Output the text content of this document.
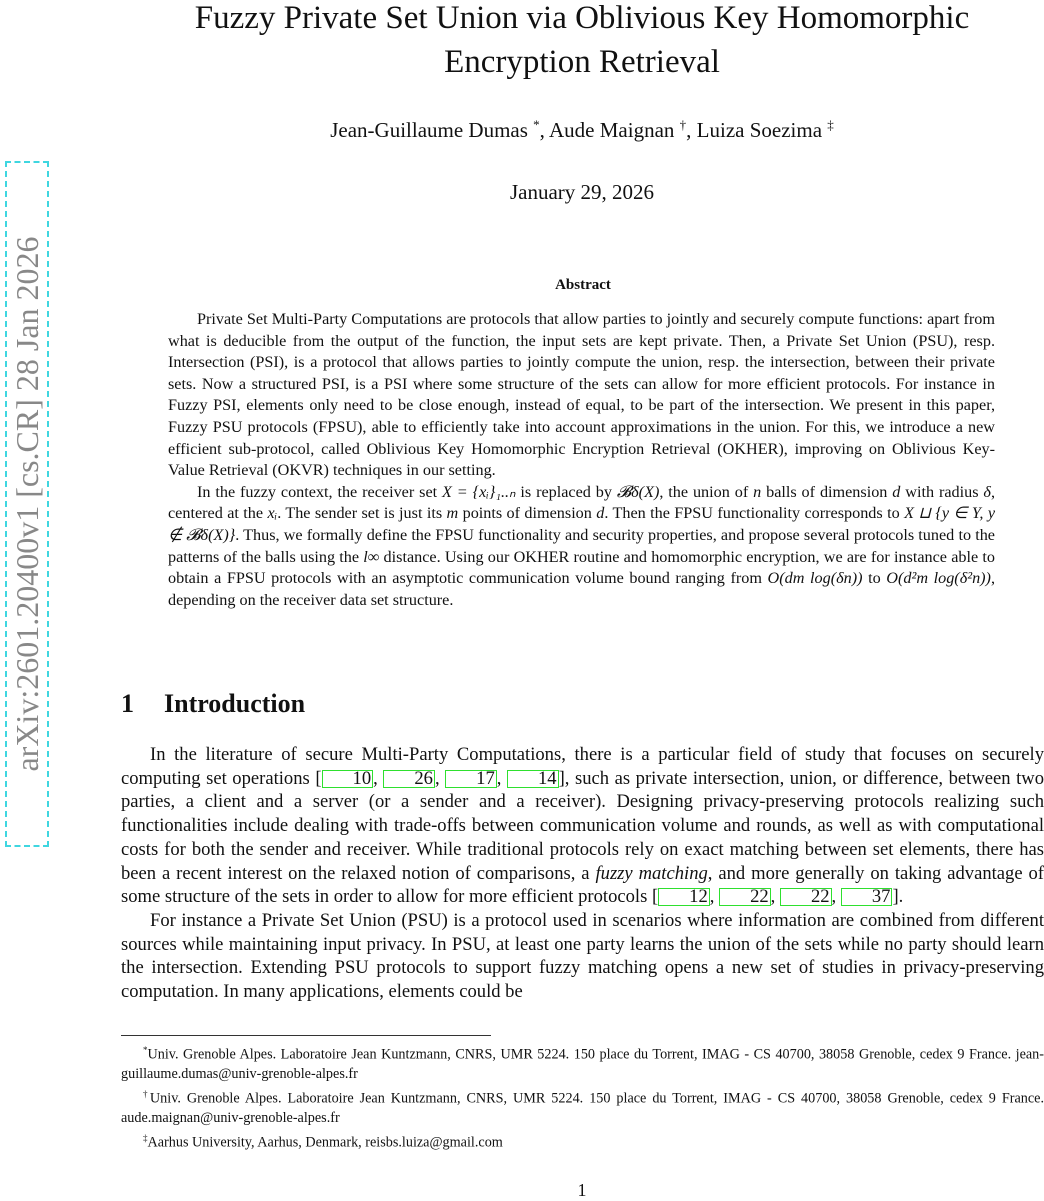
arXiv:2601.20400v1 [cs.CR] 28 Jan 2026
Fuzzy Private Set Union via Oblivious Key Homomorphic
Encryption Retrieval
Jean-Guillaume Dumas *, Aude Maignan †, Luiza Soezima ‡
January 29, 2026
Abstract

Private Set Multi-Party Computations are protocols that allow parties to jointly and securely compute functions: apart from what is deducible from the output of the function, the input sets are kept private. Then, a Private Set Union (PSU), resp. Intersection (PSI), is a protocol that allows parties to jointly compute the union, resp. the intersection, between their private sets. Now a structured PSI, is a PSI where some structure of the sets can allow for more efficient protocols. For instance in Fuzzy PSI, elements only need to be close enough, instead of equal, to be part of the intersection. We present in this paper, Fuzzy PSU protocols (FPSU), able to efficiently take into account approximations in the union. For this, we introduce a new efficient sub-protocol, called Oblivious Key Homomorphic Encryption Retrieval (OKHER), improving on Oblivious Key-Value Retrieval (OKVR) techniques in our setting.

In the fuzzy context, the receiver set X = {xᵢ}₁..ₙ is replaced by 𝓑δ(X), the union of n balls of dimension d with radius δ, centered at the xᵢ. The sender set is just its m points of dimension d. Then the FPSU functionality corresponds to X ⊔ {y ∈ Y, y ∉ 𝓑δ(X)}. Thus, we formally define the FPSU functionality and security properties, and propose several protocols tuned to the patterns of the balls using the l∞ distance. Using our OKHER routine and homomorphic encryption, we are for instance able to obtain a FPSU protocols with an asymptotic communication volume bound ranging from O(dm log(δn)) to O(d²m log(δ²n)), depending on the receiver data set structure.

1 Introduction

In the literature of secure Multi-Party Computations, there is a particular field of study that focuses on securely computing set operations [ 10 , 26 , 17 , 14 ], such as private intersection, union, or difference, between two parties, a client and a server (or a sender and a receiver). Designing privacy-preserving protocols realizing such functionalities include dealing with trade-offs between communication volume and rounds, as well as with computational costs for both the sender and receiver. While traditional protocols rely on exact matching between set elements, there has been a recent interest on the relaxed notion of comparisons, a fuzzy matching, and more generally on taking advantage of some structure of the sets in order to allow for more efficient protocols [ 12 , 22 , 22 , 37 ].

For instance a Private Set Union (PSU) is a protocol used in scenarios where information are combined from different sources while maintaining input privacy. In PSU, at least one party learns the union of the sets while no party should learn the intersection. Extending PSU protocols to support fuzzy matching opens a new set of studies in privacy-preserving computation. In many applications, elements could be

*Univ. Grenoble Alpes. Laboratoire Jean Kuntzmann, CNRS, UMR 5224. 150 place du Torrent, IMAG - CS 40700, 38058 Grenoble, cedex 9 France. jean-guillaume.dumas@univ-grenoble-alpes.fr

†Univ. Grenoble Alpes. Laboratoire Jean Kuntzmann, CNRS, UMR 5224. 150 place du Torrent, IMAG - CS 40700, 38058 Grenoble, cedex 9 France. aude.maignan@univ-grenoble-alpes.fr

‡Aarhus University, Aarhus, Denmark, reisbs.luiza@gmail.com

1
